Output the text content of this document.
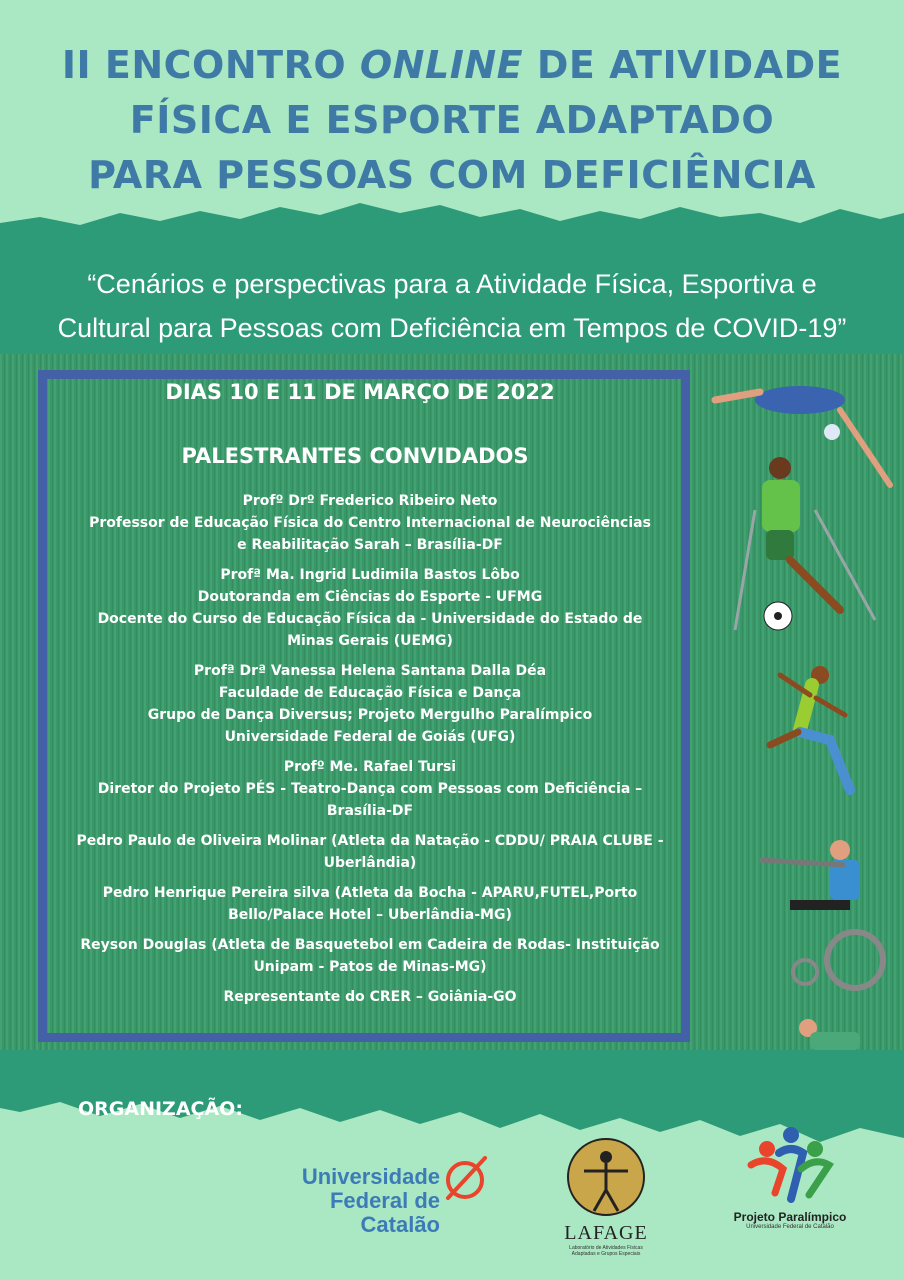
II ENCONTRO ONLINE DE ATIVIDADE
FÍSICA E ESPORTE ADAPTADO
PARA PESSOAS COM DEFICIÊNCIA
“Cenários e perspectivas para a Atividade Física, Esportiva e
Cultural para Pessoas com Deficiência em Tempos de COVID-19”
DIAS 10 E 11 DE MARÇO DE 2022
PALESTRANTES CONVIDADOS
Profº Drº Frederico Ribeiro Neto
Professor de Educação Física do Centro Internacional de Neurociências
e Reabilitação Sarah – Brasília-DF
Profª Ma. Ingrid Ludimila Bastos Lôbo
Doutoranda em Ciências do Esporte - UFMG
Docente do Curso de Educação Física da - Universidade do Estado de
Minas Gerais (UEMG)
Profª Drª Vanessa Helena Santana Dalla Déa
Faculdade de Educação Física e Dança
Grupo de Dança Diversus; Projeto Mergulho Paralímpico
Universidade Federal de Goiás (UFG)
Profº Me. Rafael Tursi
Diretor do Projeto PÉS - Teatro-Dança com Pessoas com Deficiência –
Brasília-DF
Pedro Paulo de Oliveira Molinar (Atleta da Natação - CDDU/ PRAIA CLUBE -
Uberlândia)
Pedro Henrique Pereira silva (Atleta da Bocha - APARU,FUTEL,Porto
Bello/Palace Hotel – Uberlândia-MG)
Reyson Douglas (Atleta de Basquetebol em Cadeira de Rodas- Instituição
Unipam - Patos de Minas-MG)
Representante do CRER – Goiânia-GO
ORGANIZAÇÃO:
Universidade
Federal de
Catalão	LAFAGE
Laboratório de Atividades Físicas
Adaptadas e Grupos Especiais
Projeto Paralímpico
Universidade Federal de Catalão
